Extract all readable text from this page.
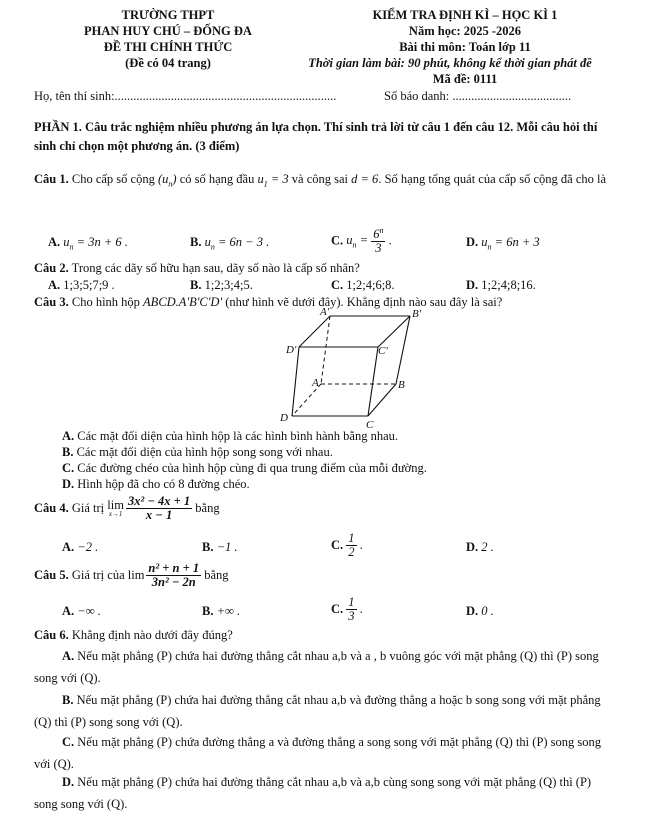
TRƯỜNG THPT
PHAN HUY CHÚ – ĐỐNG ĐA
ĐỀ THI CHÍNH THỨC
(Đề có 04 trang)
KIỂM TRA ĐỊNH KÌ – HỌC KÌ 1
Năm học: 2025 -2026
Bài thi môn: Toán lớp 11
Thời gian làm bài: 90 phút, không kể thời gian phát đề
Mã đề: 0111
Họ, tên thí sinh:.......................................................................	Số báo danh: ......................................
PHẦN 1. Câu trắc nghiệm nhiều phương án lựa chọn. Thí sinh trả lời từ câu 1 đến câu 12. Mỗi câu hỏi thí sinh chỉ chọn một phương án. (3 điểm)
Câu 1. Cho cấp số cộng $(u_n)$ có số hạng đầu $u_1 = 3$ và công sai d = 6. Số hạng tổng quát của cấp số cộng đã cho là
A. $u_n = 3n + 6$ .	B. $u_n = 6n - 3$ .	C. $u_n = \frac{6^n}{3}$ .	D. $u_n = 6n + 3$
Câu 2. Trong các dãy số hữu hạn sau, dãy số nào là cấp số nhân?
A. 1;3;5;7;9 .	B. 1;2;3;4;5.	C. 1;2;4;6;8.	D. 1;2;4;8;16.
Câu 3. Cho hình hộp ABCD.A'B'C'D' (như hình vẽ dưới đây). Khẳng định nào sau đây là sai?
A'	B'
D'	C'
A	B
D
C
A. Các mặt đối diện của hình hộp là các hình bình hành bằng nhau.
B. Các mặt đối diện của hình hộp song song với nhau.
C. Các đường chéo của hình hộp cùng đi qua trung điểm của mỗi đường.
D. Hình hộp đã cho có 8 đường chéo.
Câu 4. Giá trị lim
$x\to 1 \frac{\text{3x² − 4x + 1}}{x - 1}$ bằng
A. −2 .	B. −1 .	C. $\frac{1}{2}$ .	D. 2 .
Câu 5. Giá trị của $\lim \frac{\text{n² + n + 1}}{\text{3n² − 2n}}$ bằng
A. −∞ .	B. +∞ .	C. $\frac{1}{3}$ .	D. 0 .
Câu 6. Khẳng định nào dưới đây đúng?
A. Nếu mặt phẳng (P) chứa hai đường thẳng cắt nhau a,b và a , b vuông góc với mặt phẳng (Q) thì (P) song song với (Q).
B. Nếu mặt phẳng (P) chứa hai đường thẳng cắt nhau a,b và đường thẳng a hoặc b song song với mặt phẳng (Q) thì (P) song song với (Q).
C. Nếu mặt phẳng (P) chứa đường thẳng a và đường thẳng a song song với mặt phẳng (Q) thì (P) song song với (Q).
D. Nếu mặt phẳng (P) chứa hai đường thẳng cắt nhau a,b và a,b cùng song song với mặt phẳng (Q) thì (P) song song với (Q).
